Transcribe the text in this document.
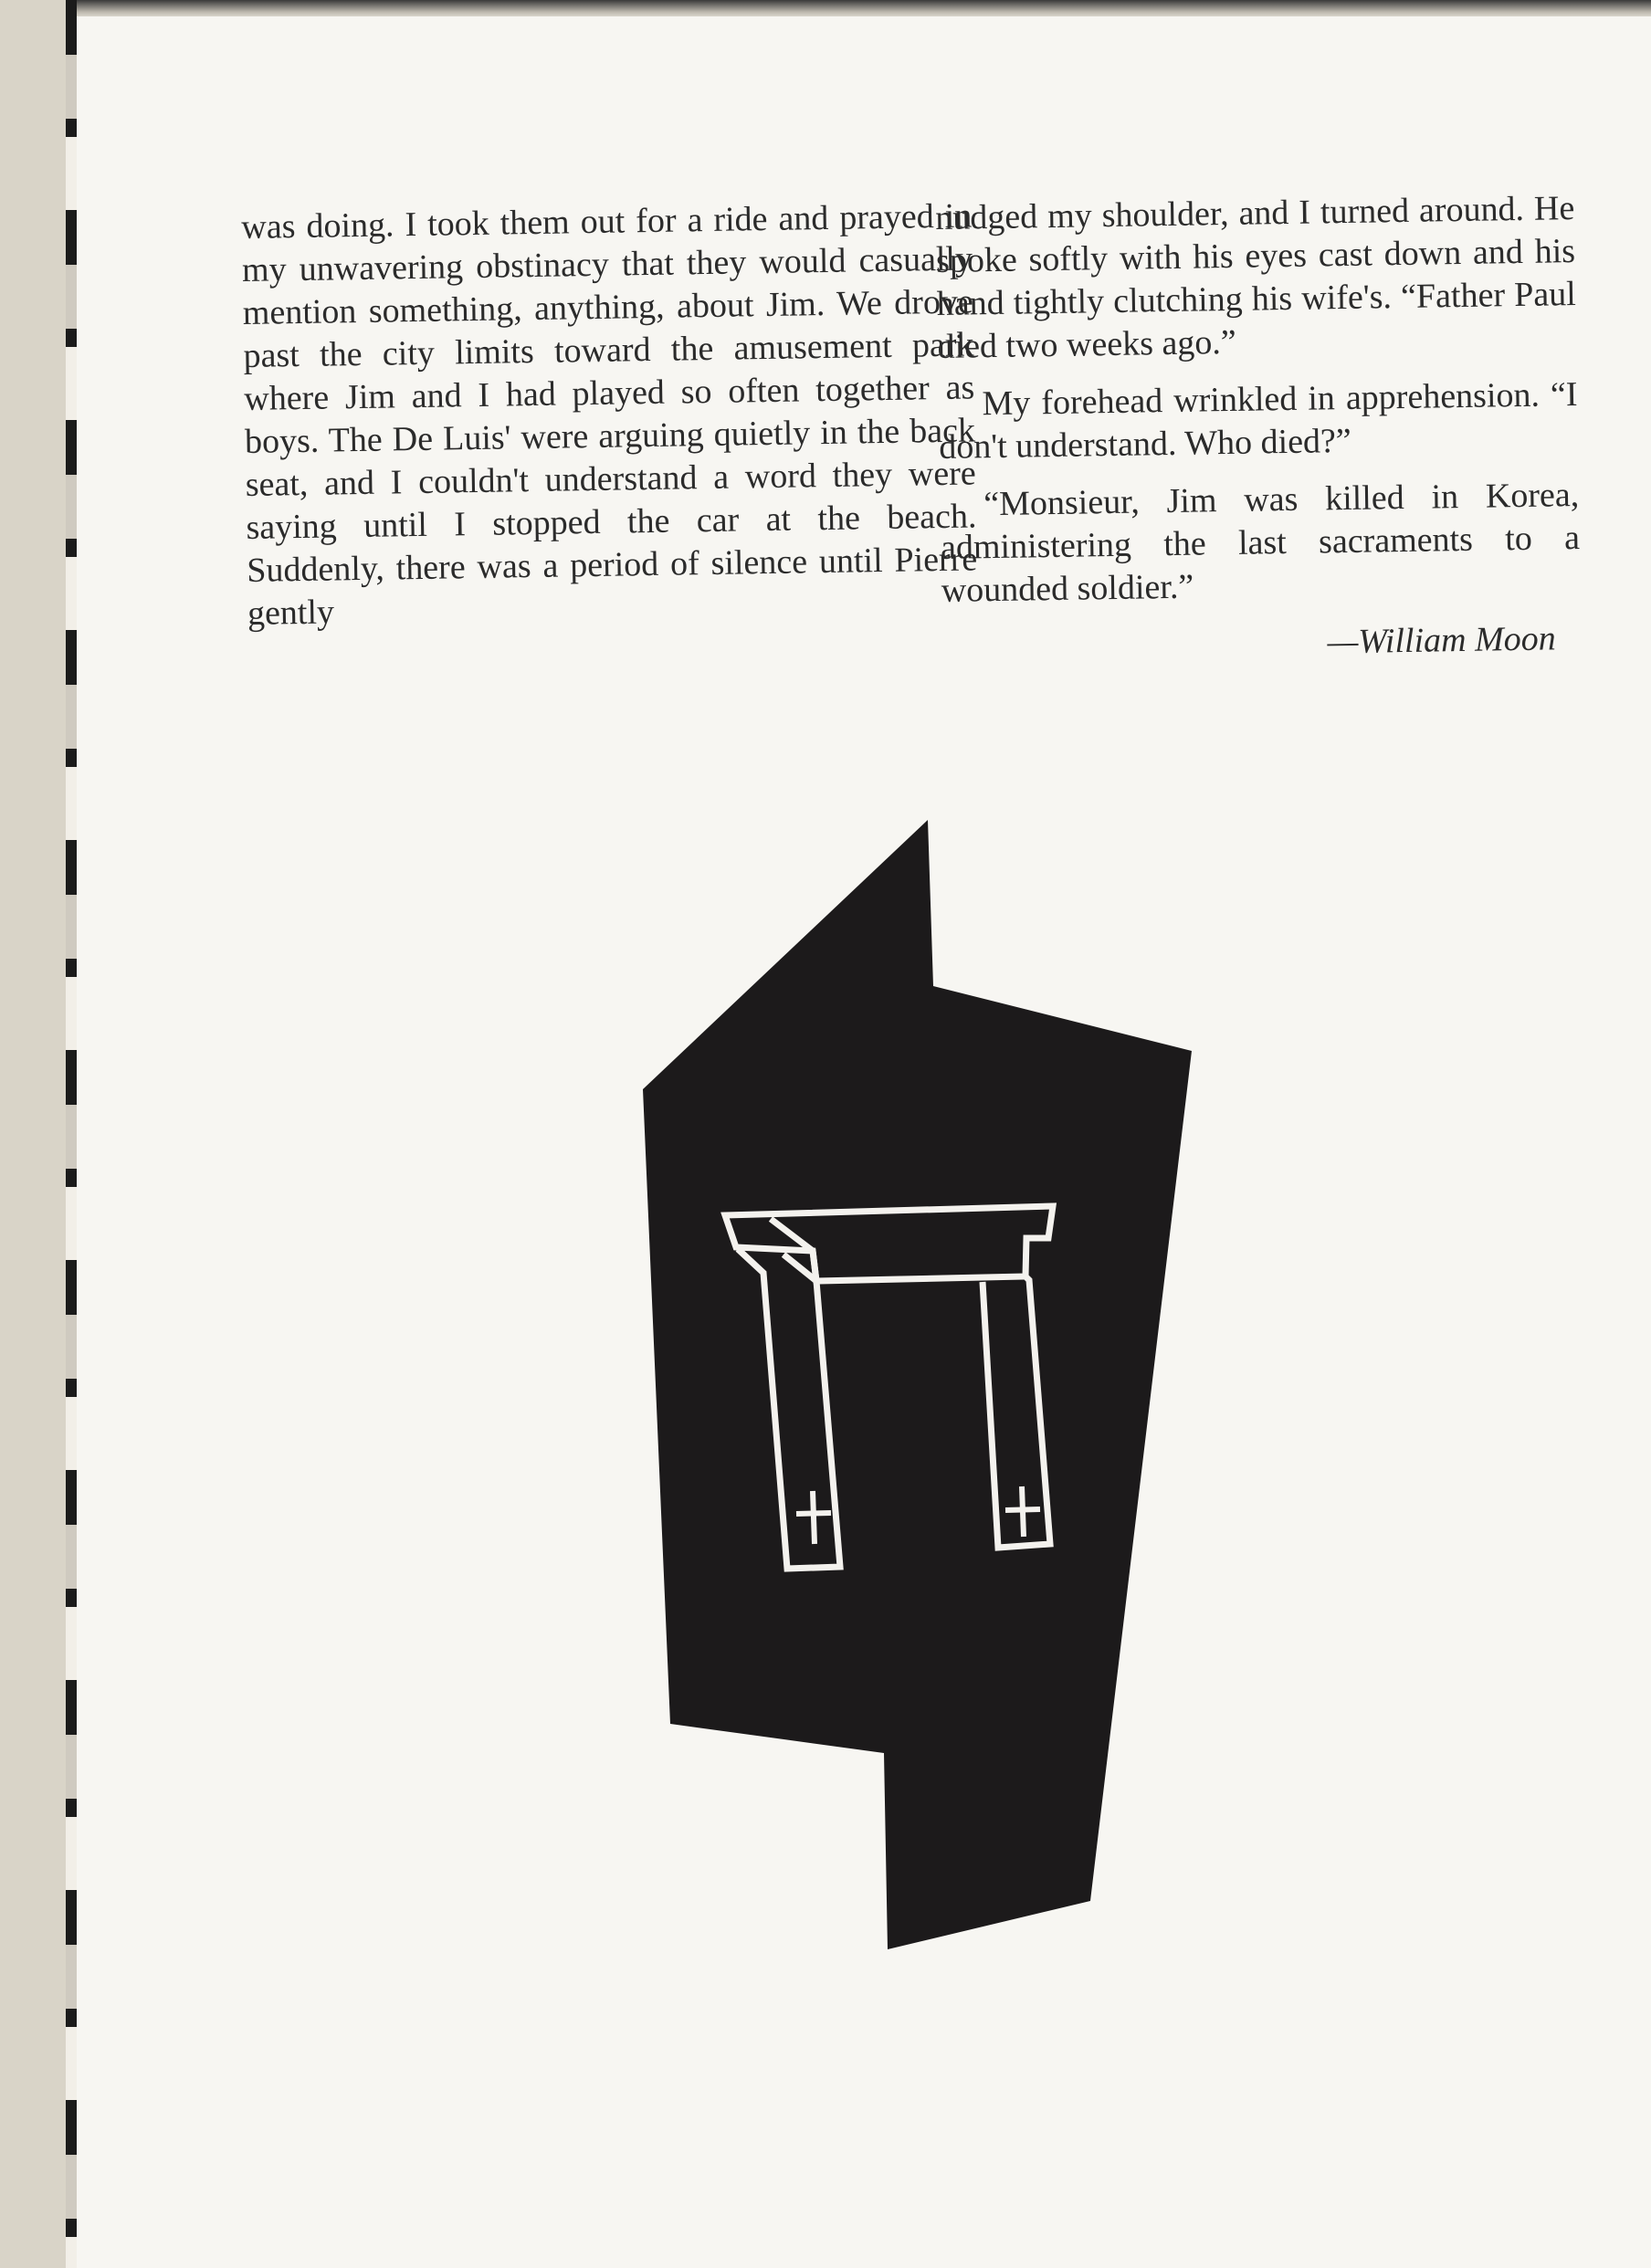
was doing. I took them out for a ride and prayed in my unwavering obstinacy that they would casually mention something, anything, about Jim. We drove past the city limits toward the amusement park where Jim and I had played so often together as boys. The De Luis' were arguing quietly in the back seat, and I couldn't understand a word they were saying until I stopped the car at the beach. Suddenly, there was a period of silence until Pierre gently

nudged my shoulder, and I turned around. He spoke softly with his eyes cast down and his hand tightly clutching his wife's. “Father Paul died two weeks ago.”

My forehead wrinkled in apprehension. “I don't understand. Who died?”

“Monsieur, Jim was killed in Korea, administering the last sacraments to a wounded soldier.”

—William Moon
